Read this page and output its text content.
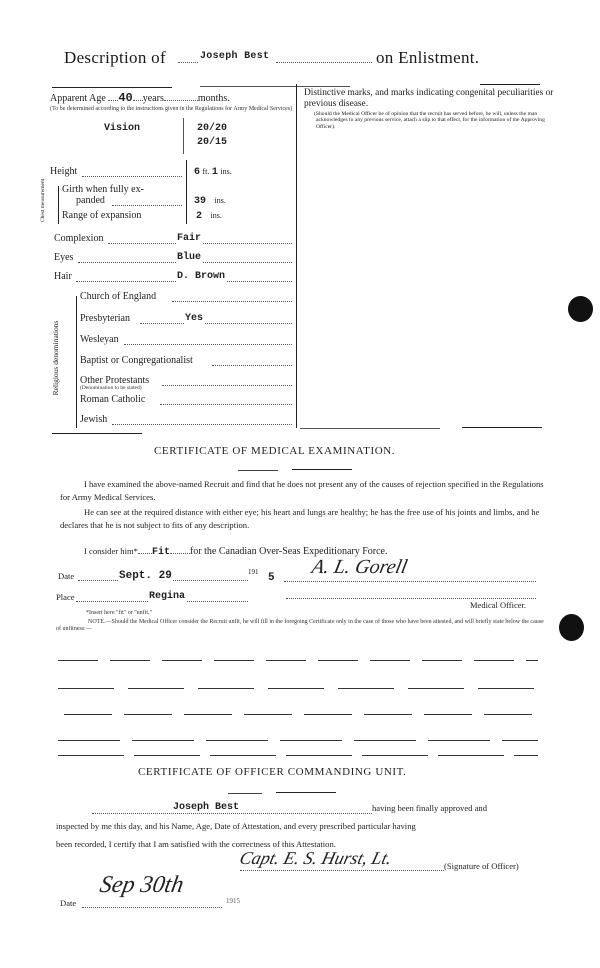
Description of	Joseph Best	on Enlistment.
Apparent Age 40 years	months.
(To be determined according to the instructions given in the Regulations for Army Medical Services)
Vision	20/20
20/15
Height	6 ft. 1 ins.
Chest measurement Girth when fully ex-
panded	39 ins.
Range of expansion	2 ins.
Complexion	Fair
Eyes	Blue
Hair	D. Brown
Religious denominations
Church of England
Presbyterian	Yes
Wesleyan
Baptist or Congregationalist
Other Protestants
(Denomination to be stated)
Roman Catholic
Jewish
Distinctive marks, and marks indicating congenital peculiarities or previous disease.
(Should the Medical Officer be of opinion that the recruit has served before, he will, unless the man acknowledges to any previous service, attach a slip to that effect, for the information of the Approving Officer).
CERTIFICATE OF MEDICAL EXAMINATION.
I have examined the above-named Recruit and find that he does not present any of the causes of rejection specified in the Regulations for Army Medical Services.
He can see at the required distance with either eye; his heart and lungs are healthy; he has the free use of his joints and limbs, and he declares that he is not subject to fits of any description.
I consider him* Fit for the Canadian Over-Seas Expeditionary Force.
Date	Sept. 29	191 5 A. L. Gorell
Place	Regina
Medical Officer.
*Insert here "fit" or "unfit."
NOTE.—Should the Medical Officer consider the Recruit unfit, he will fill in the foregoing Certificate only in the case of those who have been attested, and will briefly state below the cause of unfitness:—
CERTIFICATE OF OFFICER COMMANDING UNIT.
Joseph Best	having been finally approved and
inspected by me this day, and his Name, Age, Date of Attestation, and every prescribed particular having
been recorded, I certify that I am satisfied with the correctness of this Attestation.
Capt. E. S. Hurst, Lt.	(Signature of Officer)
Date
Sep 30th
1915
